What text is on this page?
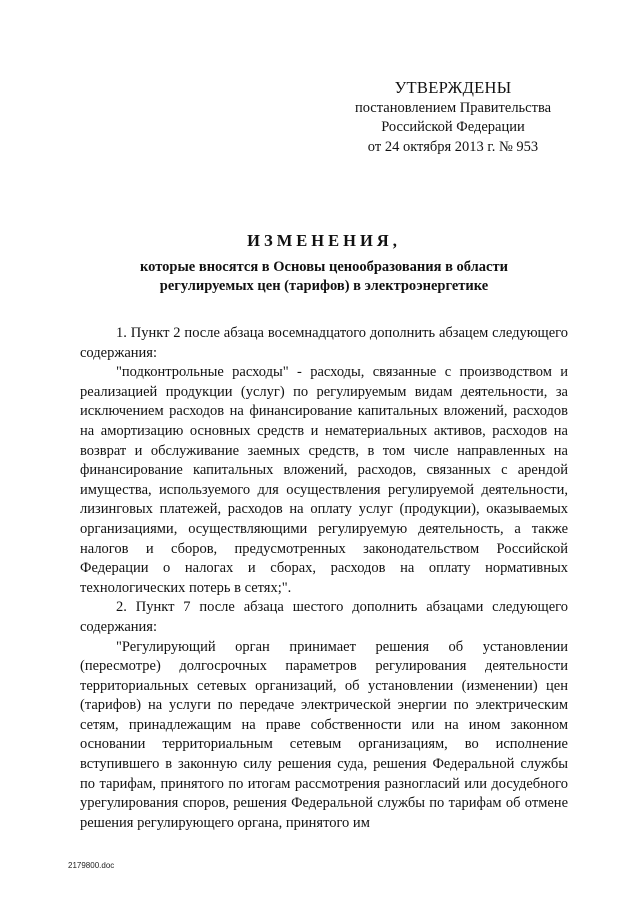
УТВЕРЖДЕНЫ
постановлением Правительства
Российской Федерации
от 24 октября 2013 г. № 953
ИЗМЕНЕНИЯ,
которые вносятся в Основы ценообразования в области
регулируемых цен (тарифов) в электроэнергетике

1. Пункт 2 после абзаца восемнадцатого дополнить абзацем следующего содержания:

"подконтрольные расходы" - расходы, связанные с производством и реализацией продукции (услуг) по регулируемым видам деятельности, за исключением расходов на финансирование капитальных вложений, расходов на амортизацию основных средств и нематериальных активов, расходов на возврат и обслуживание заемных средств, в том числе направленных на финансирование капитальных вложений, расходов, связанных с арендой имущества, используемого для осуществления регулируемой деятельности, лизинговых платежей, расходов на оплату услуг (продукции), оказываемых организациями, осуществляющими регулируемую деятельность, а также налогов и сборов, предусмотренных законодательством Российской Федерации о налогах и сборах, расходов на оплату нормативных технологических потерь в сетях;".

2. Пункт 7 после абзаца шестого дополнить абзацами следующего содержания:

"Регулирующий орган принимает решения об установлении (пересмотре) долгосрочных параметров регулирования деятельности территориальных сетевых организаций, об установлении (изменении) цен (тарифов) на услуги по передаче электрической энергии по электрическим сетям, принадлежащим на праве собственности или на ином законном основании территориальным сетевым организациям, во исполнение вступившего в законную силу решения суда, решения Федеральной службы по тарифам, принятого по итогам рассмотрения разногласий или досудебного урегулирования споров, решения Федеральной службы по тарифам об отмене решения регулирующего органа, принятого им

2179800.doc
